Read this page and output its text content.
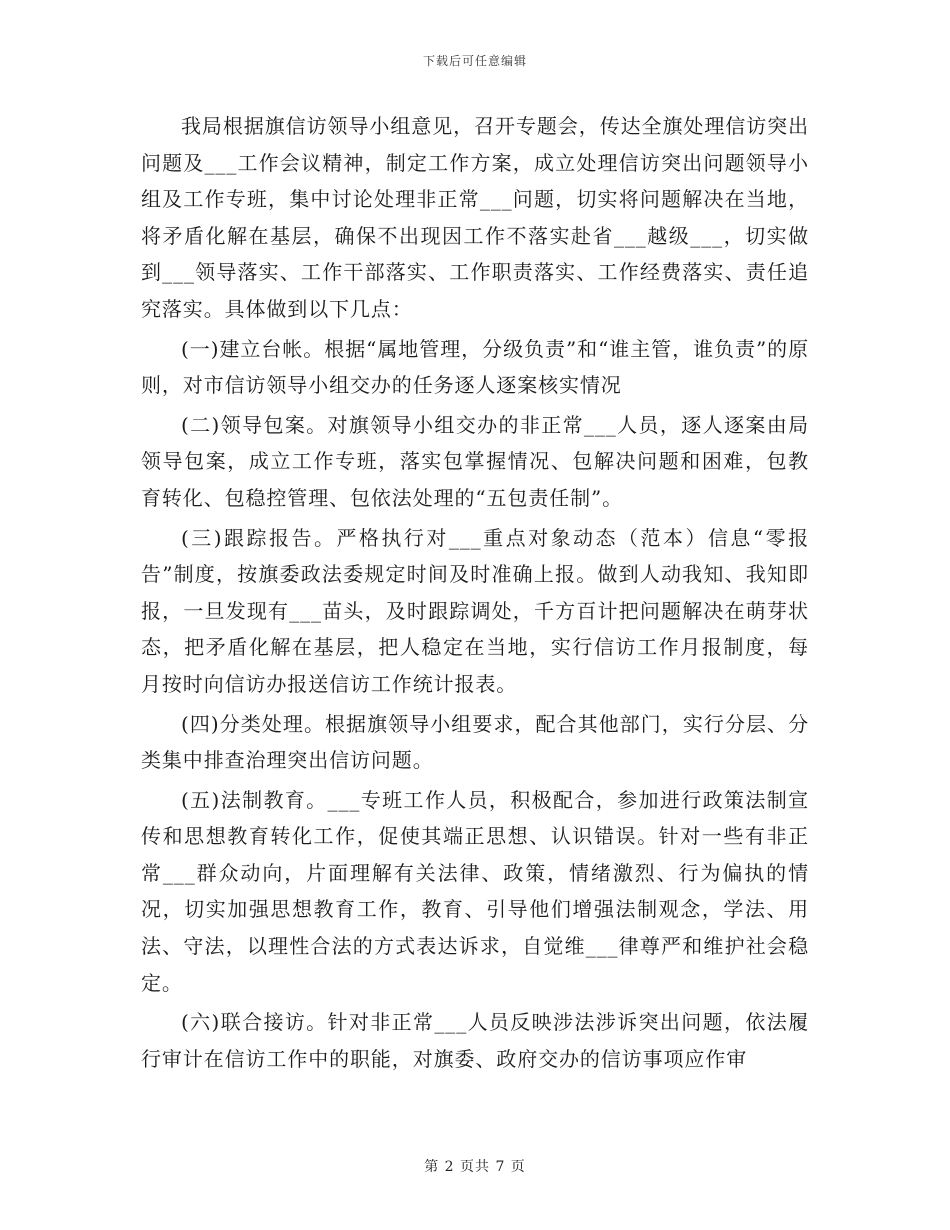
下载后可任意编辑

我局根据旗信访领导小组意见，召开专题会，传达全旗处理信访突出问题及___工作会议精神，制定工作方案，成立处理信访突出问题领导小组及工作专班，集中讨论处理非正常___问题，切实将问题解决在当地，将矛盾化解在基层，确保不出现因工作不落实赴省___越级___，切实做到___领导落实、工作干部落实、工作职责落实、工作经费落实、责任追究落实。具体做到以下几点：

(一)建立台帐。根据“属地管理，分级负责”和“谁主管，谁负责”的原则，对市信访领导小组交办的任务逐人逐案核实情况

(二)领导包案。对旗领导小组交办的非正常___人员，逐人逐案由局领导包案，成立工作专班，落实包掌握情况、包解决问题和困难，包教育转化、包稳控管理、包依法处理的“五包责任制”。

(三)跟踪报告。严格执行对___重点对象动态（范本）信息“零报告”制度，按旗委政法委规定时间及时准确上报。做到人动我知、我知即报，一旦发现有___苗头，及时跟踪调处，千方百计把问题解决在萌芽状态，把矛盾化解在基层，把人稳定在当地，实行信访工作月报制度，每月按时向信访办报送信访工作统计报表。

(四)分类处理。根据旗领导小组要求，配合其他部门，实行分层、分类集中排查治理突出信访问题。

(五)法制教育。___专班工作人员，积极配合，参加进行政策法制宣传和思想教育转化工作，促使其端正思想、认识错误。针对一些有非正常___群众动向，片面理解有关法律、政策，情绪激烈、行为偏执的情况，切实加强思想教育工作，教育、引导他们增强法制观念，学法、用法、守法，以理性合法的方式表达诉求，自觉维___律尊严和维护社会稳定。

(六)联合接访。针对非正常___人员反映涉法涉诉突出问题，依法履行审计在信访工作中的职能，对旗委、政府交办的信访事项应作审

第 2 页共 7 页
